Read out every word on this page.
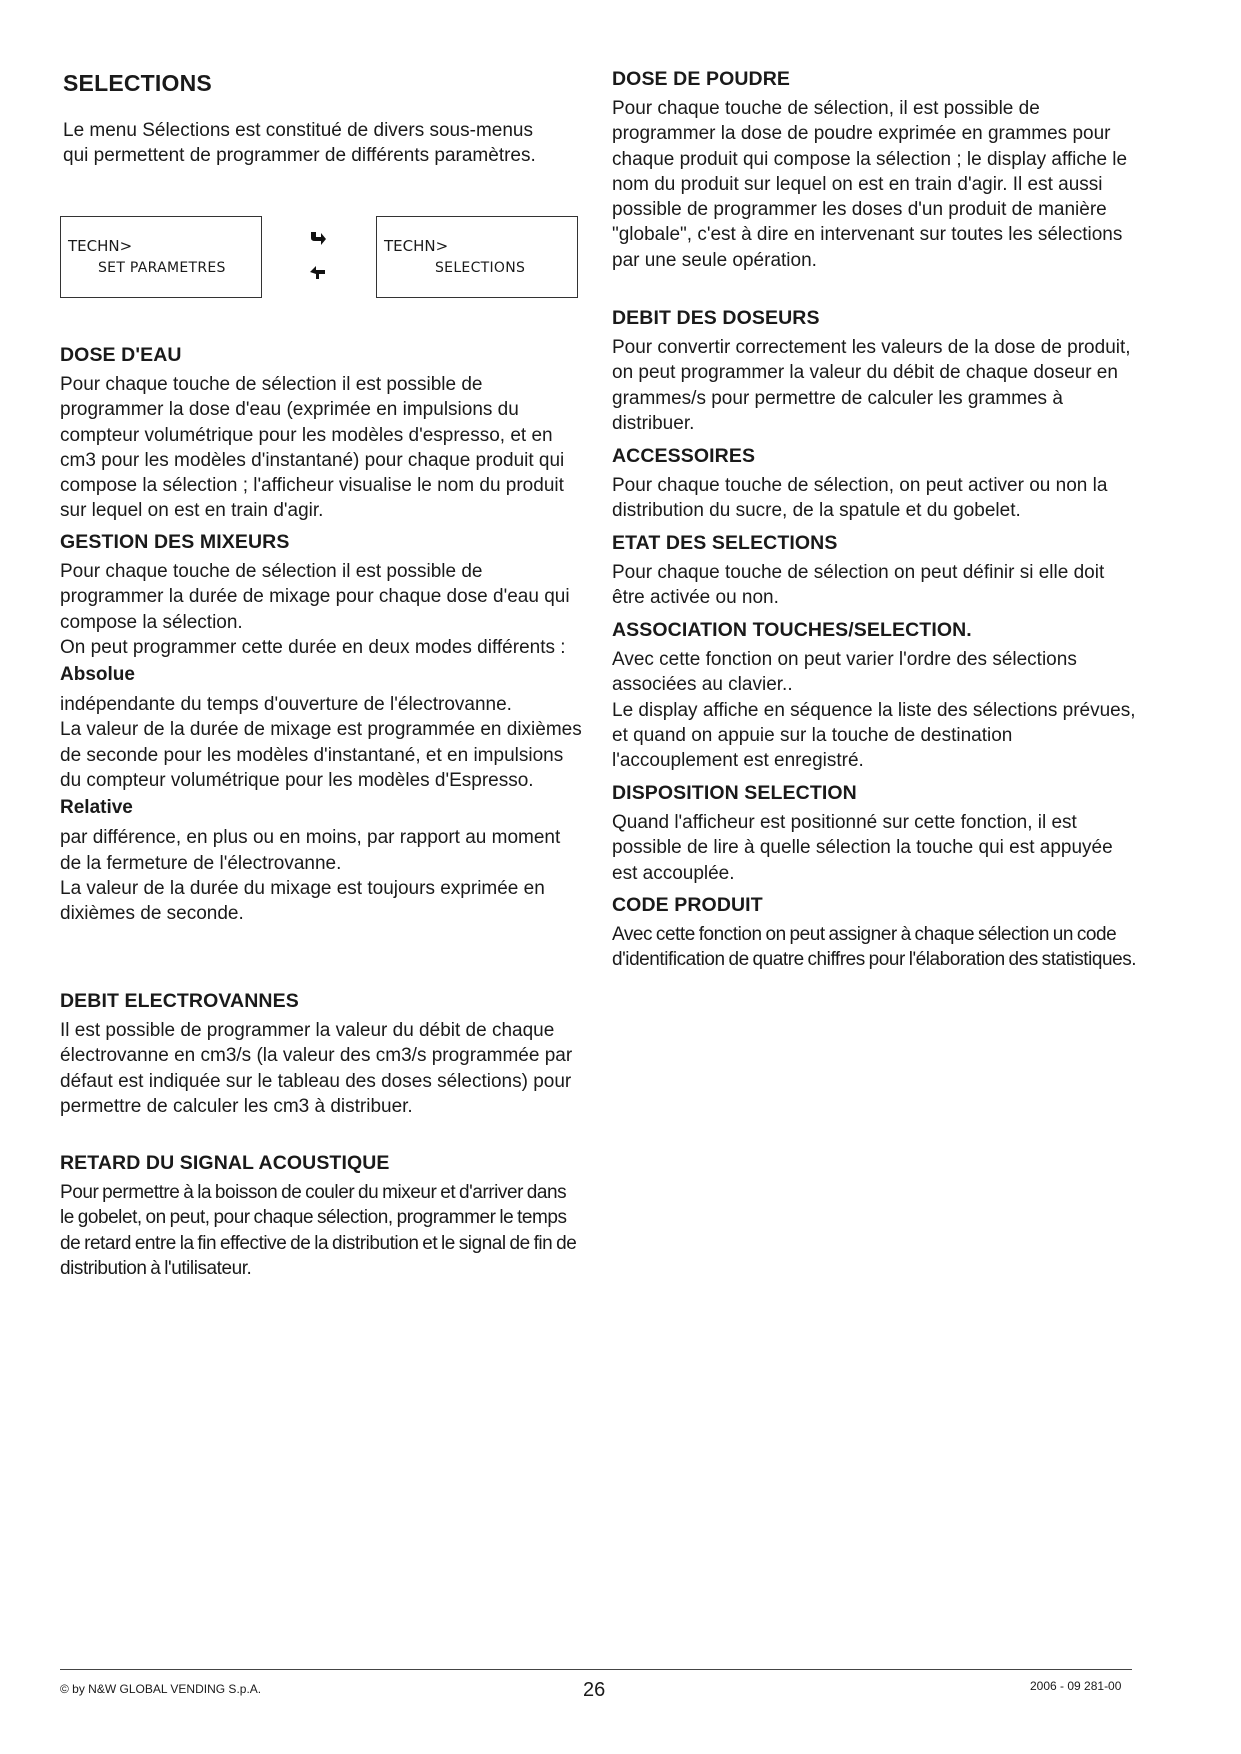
SELECTIONS

Le menu Sélections est constitué de divers sous-menus qui permettent de programmer de différents paramètres.

TECHN>
SET PARAMETRES
TECHN>
SELECTIONS
DOSE D'EAU

Pour chaque touche de sélection il est possible de programmer la dose d'eau (exprimée en impulsions du compteur volumétrique pour les modèles d'espresso, et en cm3 pour les modèles d'instantané) pour chaque produit qui compose la sélection ; l'afficheur visualise le nom du produit sur lequel on est en train d'agir.

GESTION DES MIXEURS

Pour chaque touche de sélection il est possible de programmer la durée de mixage pour chaque dose d'eau qui compose la sélection.

On peut programmer cette durée en deux modes différents :

Absolue

indépendante du temps d'ouverture de l'électrovanne.

La valeur de la durée de mixage est programmée en dixièmes de seconde pour les modèles d'instantané, et en impulsions du compteur volumétrique pour les modèles d'Espresso.

Relative

par différence, en plus ou en moins, par rapport au moment de la fermeture de l'électrovanne.

La valeur de la durée du mixage est toujours exprimée en dixièmes de seconde.

DEBIT ELECTROVANNES

Il est possible de programmer la valeur du débit de chaque électrovanne en cm3/s (la valeur des cm3/s programmée par défaut est indiquée sur le tableau des doses sélections) pour permettre de calculer les cm3 à distribuer.

RETARD DU SIGNAL ACOUSTIQUE

Pour permettre à la boisson de couler du mixeur et d'arriver dans le gobelet, on peut, pour chaque sélection, programmer le temps de retard entre la fin effective de la distribution et le signal de fin de distribution à l'utilisateur.

DOSE DE POUDRE

Pour chaque touche de sélection, il est possible de programmer la dose de poudre exprimée en grammes pour chaque produit qui compose la sélection ; le display affiche le nom du produit sur lequel on est en train d'agir. Il est aussi possible de programmer les doses d'un produit de manière "globale", c'est à dire en intervenant sur toutes les sélections par une seule opération.

DEBIT DES DOSEURS

Pour convertir correctement les valeurs de la dose de produit, on peut programmer la valeur du débit de chaque doseur en grammes/s pour permettre de calculer les grammes à distribuer.

ACCESSOIRES

Pour chaque touche de sélection, on peut activer ou non la distribution du sucre, de la spatule et du gobelet.

ETAT DES SELECTIONS

Pour chaque touche de sélection on peut définir si elle doit être activée ou non.

ASSOCIATION TOUCHES/SELECTION.

Avec cette fonction on peut varier l'ordre des sélections associées au clavier..

Le display affiche en séquence la liste des sélections prévues, et quand on appuie sur la touche de destination l'accouplement est enregistré.

DISPOSITION SELECTION

Quand l'afficheur est positionné sur cette fonction, il est possible de lire à quelle sélection la touche qui est appuyée est accouplée.

CODE PRODUIT

Avec cette fonction on peut assigner à chaque sélection un code d'identification de quatre chiffres pour l'élaboration des statistiques.

© by N&W GLOBAL VENDING S.p.A.	26	2006 - 09 281-00
